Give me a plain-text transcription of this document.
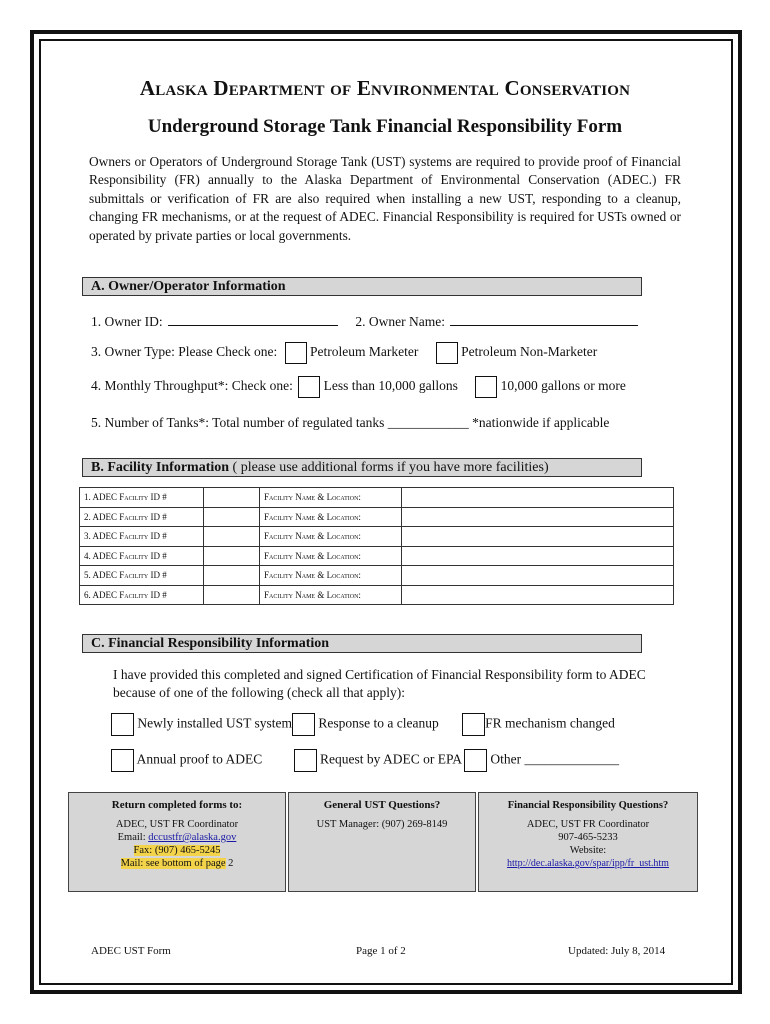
Alaska Department of Environmental Conservation
Underground Storage Tank Financial Responsibility Form
Owners or Operators of Underground Storage Tank (UST) systems are required to provide proof of Financial Responsibility (FR) annually to the Alaska Department of Environmental Conservation (ADEC.) FR submittals or verification of FR are also required when installing a new UST, responding to a cleanup, changing FR mechanisms, or at the request of ADEC. Financial Responsibility is required for USTs owned or operated by private parties or local governments.
A. Owner/Operator Information
1. Owner ID:	2. Owner Name:
3. Owner Type: Please Check one: Petroleum Marketer	Petroleum Non-Marketer
4. Monthly Throughput*: Check one: Less than 10,000 gallons	10,000 gallons or more
5. Number of Tanks*: Total number of regulated tanks ____________ *nationwide if applicable
B. Facility Information ( please use additional forms if you have more facilities)
1. ADEC Facility ID #		Facility Name & Location:	
2. ADEC Facility ID #		Facility Name & Location:	
3. ADEC Facility ID #		Facility Name & Location:	
4. ADEC Facility ID #		Facility Name & Location:	
5. ADEC Facility ID #		Facility Name & Location:	
6. ADEC Facility ID #		Facility Name & Location:	
C. Financial Responsibility Information
I have provided this completed and signed Certification of Financial Responsibility form to ADEC because of one of the following (check all that apply):
Newly installed UST system Response to a cleanup	FR mechanism changed
Annual proof to ADEC	Request by ADEC or EPA Other ______________
Return completed forms to:
ADEC, UST FR Coordinator
Email: dccustfr@alaska.gov
Fax: (907) 465-5245
Mail: see bottom of page 2
General UST Questions?
UST Manager: (907) 269-8149
Financial Responsibility Questions?
ADEC, UST FR Coordinator
907-465-5233
Website:
http://dec.alaska.gov/spar/ipp/fr_ust.htm
ADEC UST Form	Page 1 of 2	Updated: July 8, 2014
